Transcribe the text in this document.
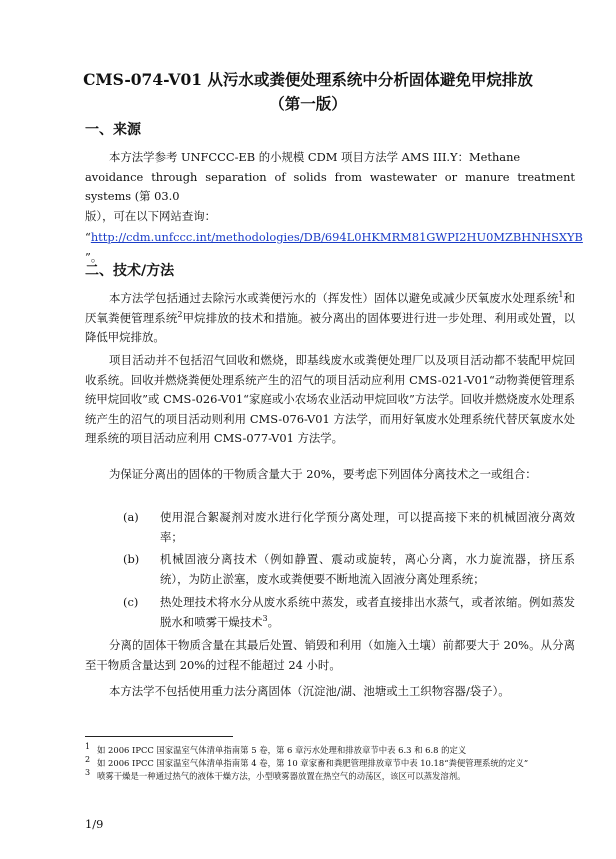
CMS-074-V01 从污水或粪便处理系统中分析固体避免甲烷排放
（第一版）
一、来源
本方法学参考 UNFCCC-EB 的小规模 CDM 项目方法学 AMS III.Y：Methane
avoidance through separation of solids from wastewater or manure treatment systems (第 03.0
版），可在以下网站查询：
“http://cdm.unfccc.int/methodologies/DB/694L0HKMRM81GWPI2HU0MZBHNHSXYB
”。
二、技术/方法
本方法学包括通过去除污水或粪便污水的（挥发性）固体以避免或减少厌氧废水处理系统$^1$和厌氧粪便管理系统$^2$甲烷排放的技术和措施。被分离出的固体要进行进一步处理、利用或处置，以降低甲烷排放。
项目活动并不包括沼气回收和燃烧，即基线废水或粪便处理厂以及项目活动都不装配甲烷回收系统。回收并燃烧粪便处理系统产生的沼气的项目活动应利用 CMS-021-V01“动物粪便管理系统甲烷回收”或 CMS-026-V01“家庭或小农场农业活动甲烷回收”方法学。回收并燃烧废水处理系统产生的沼气的项目活动则利用 CMS-076-V01 方法学，而用好氧废水处理系统代替厌氧废水处理系统的项目活动应利用 CMS-077-V01 方法学。
为保证分离出的固体的干物质含量大于 20%，要考虑下列固体分离技术之一或组合：
(a)	使用混合絮凝剂对废水进行化学预分离处理，可以提高接下来的机械固液分离效率；
(b)	机械固液分离技术（例如静置、震动或旋转，离心分离，水力旋流器，挤压系统），为防止淤塞，废水或粪便要不断地流入固液分离处理系统；
(c)	热处理技术将水分从废水系统中蒸发，或者直接排出水蒸气，或者浓缩。例如蒸发脱水和喷雾干燥技术$^3$。
分离的固体干物质含量在其最后处置、销毁和利用（如施入土壤）前都要大于 20%。从分离至干物质含量达到 20%的过程不能超过 24 小时。
本方法学不包括使用重力法分离固体（沉淀池/湖、池塘或土工织物容器/袋子）。
$^1$ 如 2006 IPCC 国家温室气体清单指南第 5 卷，第 6 章污水处理和排放章节中表 6.3 和 6.8 的定义
$^2$ 如 2006 IPCC 国家温室气体清单指南第 4 卷，第 10 章家畜和粪肥管理排放章节中表 10.18“粪便管理系统的定义”
$^3$ 喷雾干燥是一种通过热气的液体干燥方法，小型喷雾器放置在热空气的动荡区，该区可以蒸发溶剂。
1/9
